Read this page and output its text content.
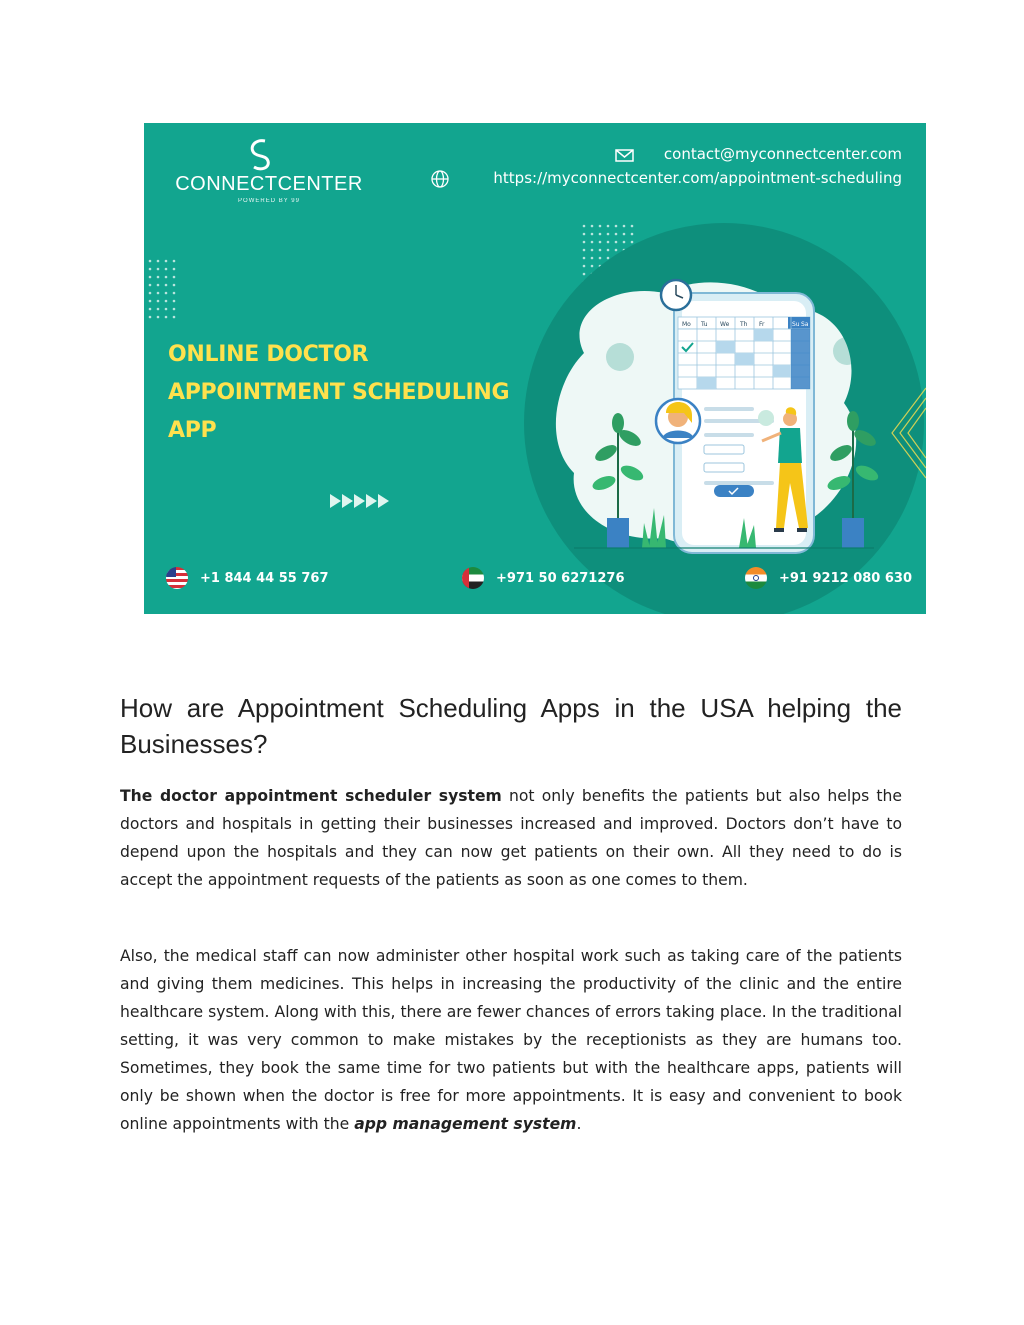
Mo Tu We Th Fr	Su Sa
CONNECTCENTER
POWERED BY 99
contact@myconnectcenter.com
https://myconnectcenter.com/appointment-scheduling
ONLINE DOCTOR
APPOINTMENT SCHEDULING
APP
+1 844 44 55 767	+971 50 6271276	+91 9212 080 630
How are Appointment Scheduling Apps in the USA helping the Businesses?

The doctor appointment scheduler system not only benefits the patients but also helps the doctors and hospitals in getting their businesses increased and improved. Doctors don’t have to depend upon the hospitals and they can now get patients on their own. All they need to do is accept the appointment requests of the patients as soon as one comes to them.

Also, the medical staff can now administer other hospital work such as taking care of the patients and giving them medicines. This helps in increasing the productivity of the clinic and the entire healthcare system. Along with this, there are fewer chances of errors taking place. In the traditional setting, it was very common to make mistakes by the receptionists as they are humans too. Sometimes, they book the same time for two patients but with the healthcare apps, patients will only be shown when the doctor is free for more appointments. It is easy and convenient to book online appointments with the app management system.
